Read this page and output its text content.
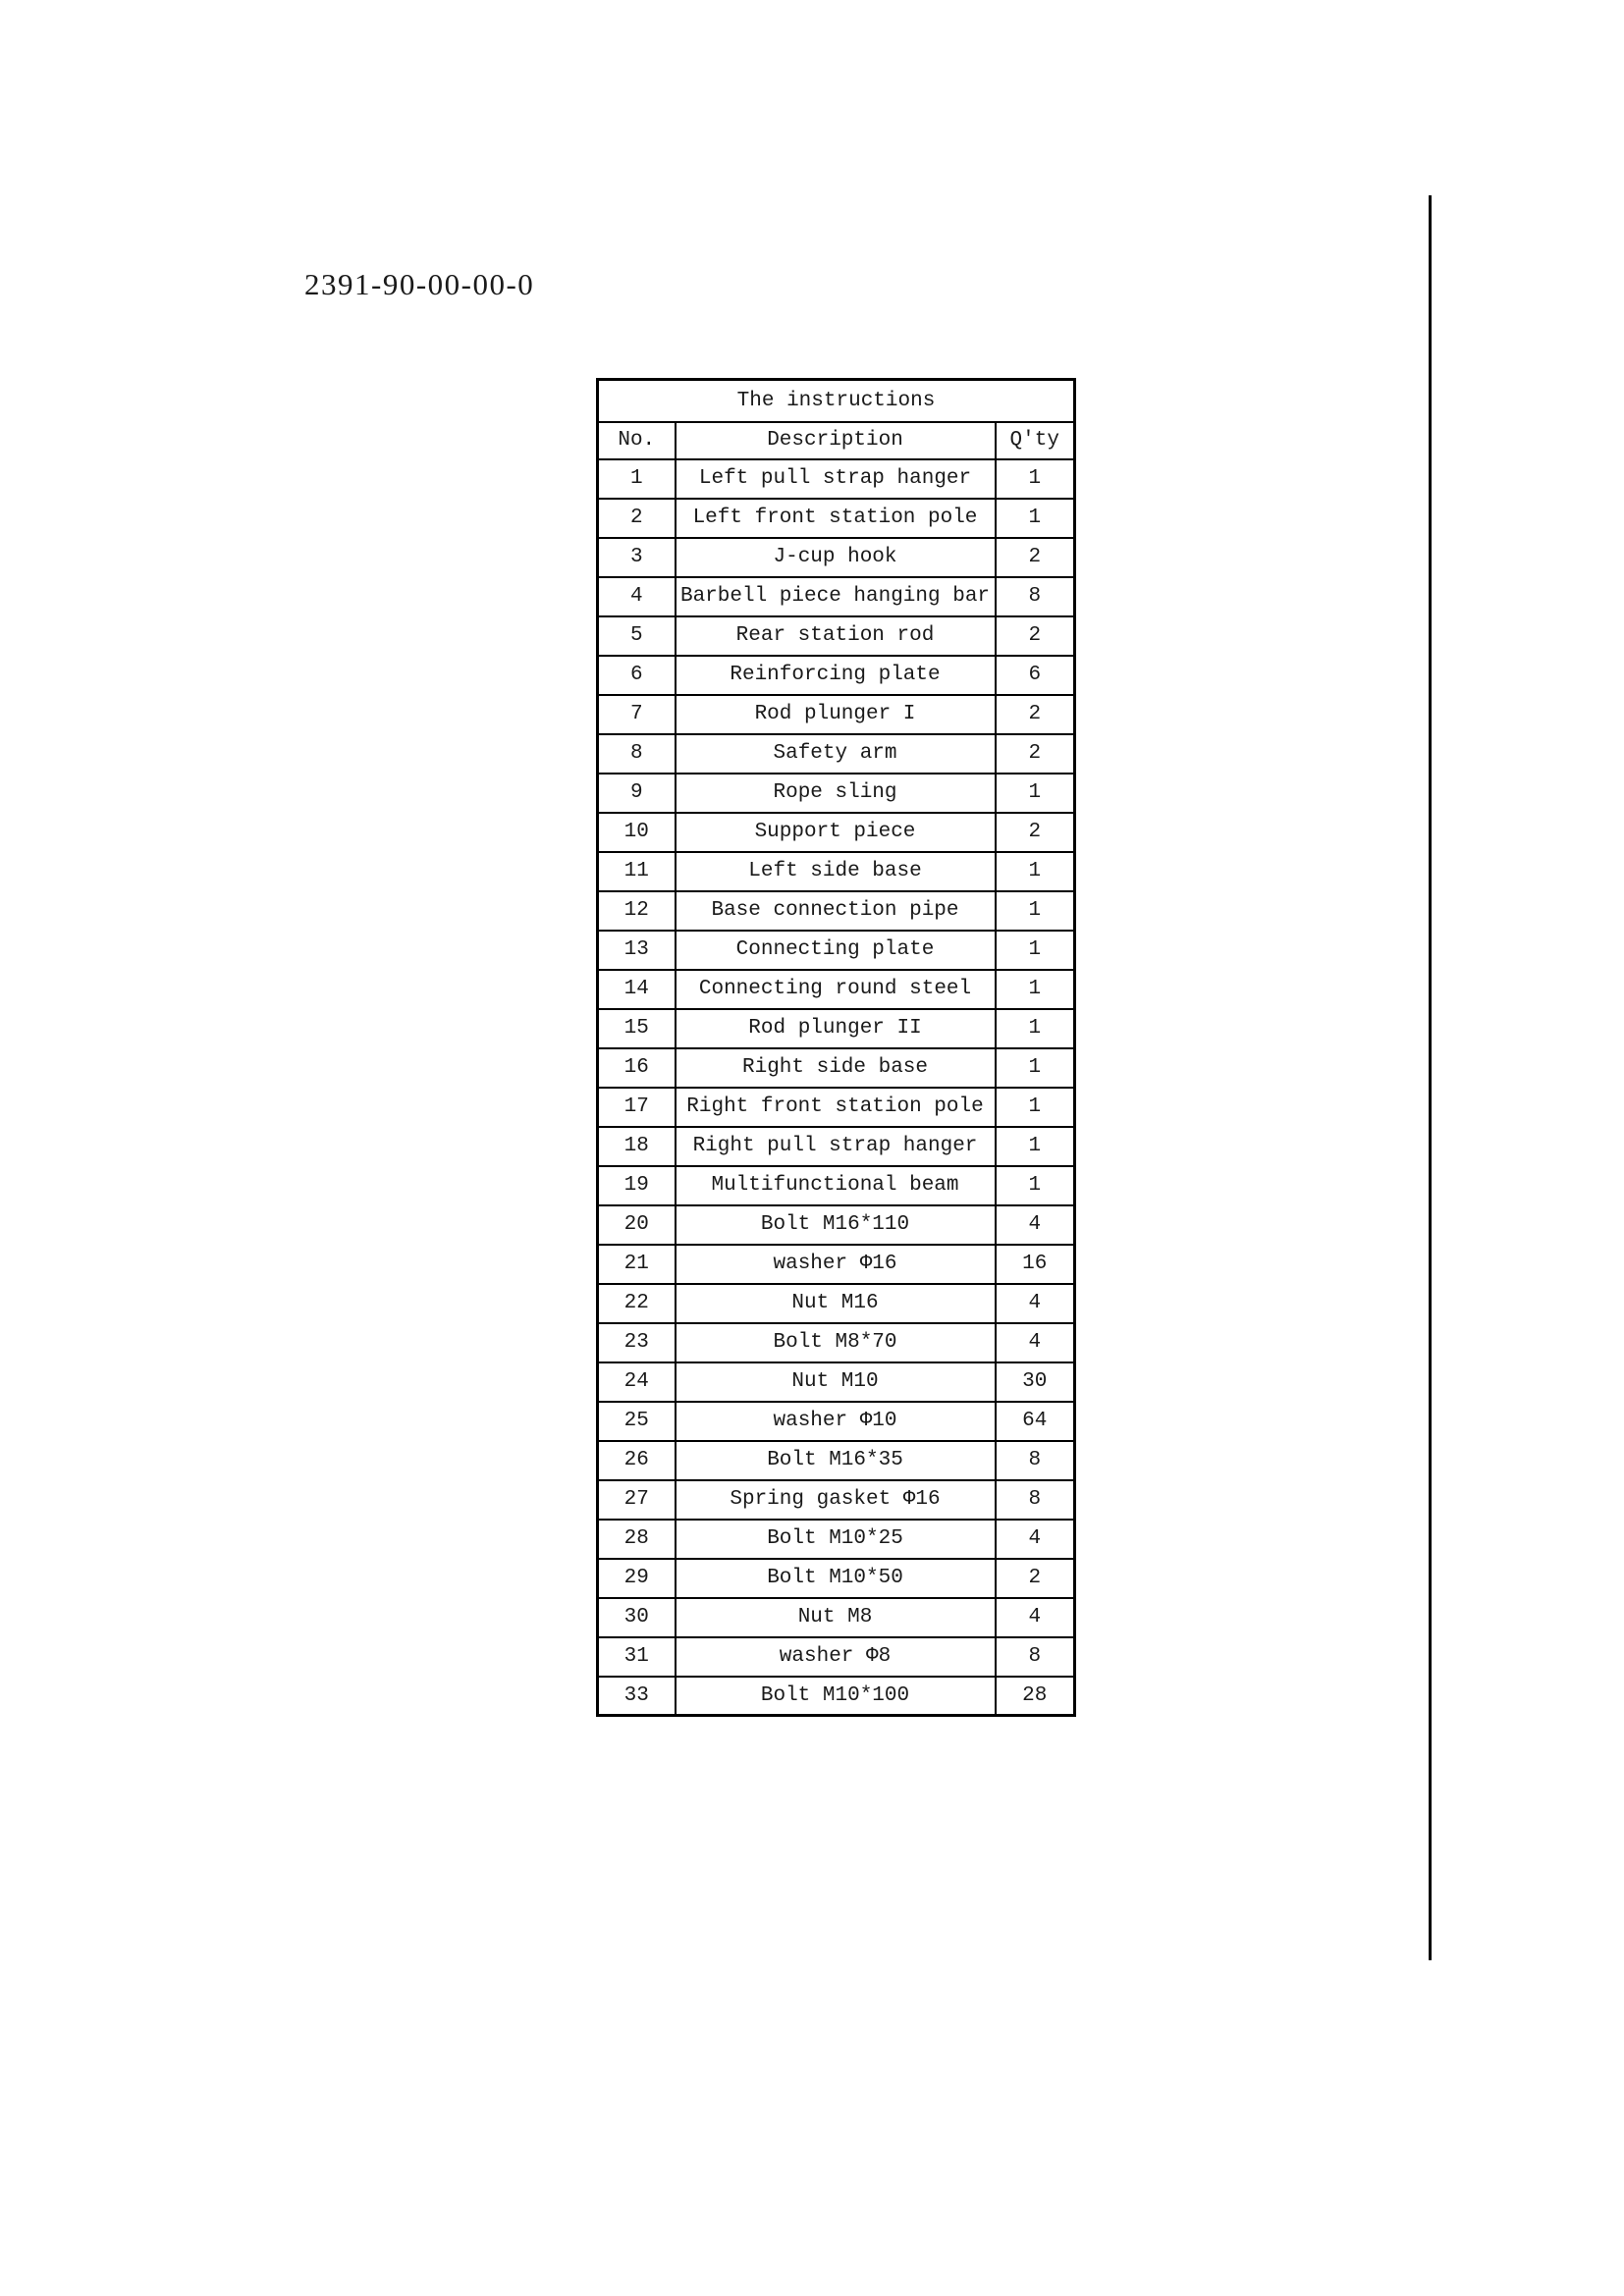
2391-90-00-00-0
The instructions		
No.	Description	Q'ty
1	Left pull strap hanger	1
2	Left front station pole	1
3	J-cup hook	2
4	Barbell piece hanging bar	8
5	Rear station rod	2
6	Reinforcing plate	6
7	Rod plunger I	2
8	Safety arm	2
9	Rope sling	1
10	Support piece	2
11	Left side base	1
12	Base connection pipe	1
13	Connecting plate	1
14	Connecting round steel	1
15	Rod plunger II	1
16	Right side base	1
17	Right front station pole	1
18	Right pull strap hanger	1
19	Multifunctional beam	1
20	Bolt M16*110	4
21	washer Φ16	16
22	Nut M16	4
23	Bolt M8*70	4
24	Nut M10	30
25	washer Φ10	64
26	Bolt M16*35	8
27	Spring gasket Φ16	8
28	Bolt M10*25	4
29	Bolt M10*50	2
30	Nut M8	4
31	washer Φ8	8
33	Bolt M10*100	28
